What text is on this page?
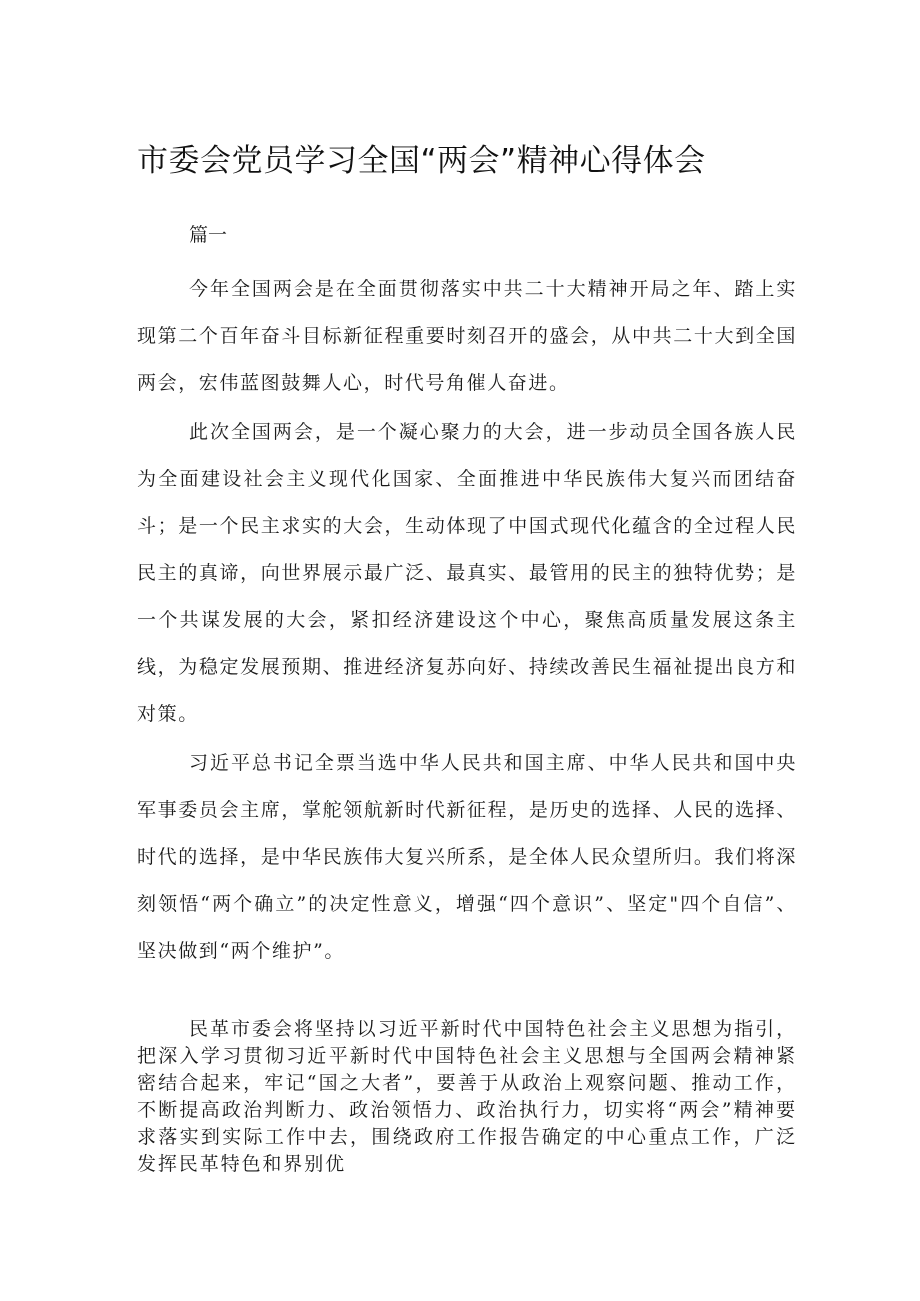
市委会党员学习全国“两会”精神心得体会
篇一

今年全国两会是在全面贯彻落实中共二十大精神开局之年、踏上实现第二个百年奋斗目标新征程重要时刻召开的盛会，从中共二十大到全国两会，宏伟蓝图鼓舞人心，时代号角催人奋进。

此次全国两会，是一个凝心聚力的大会，进一步动员全国各族人民为全面建设社会主义现代化国家、全面推进中华民族伟大复兴而团结奋斗；是一个民主求实的大会，生动体现了中国式现代化蕴含的全过程人民民主的真谛，向世界展示最广泛、最真实、最管用的民主的独特优势；是一个共谋发展的大会，紧扣经济建设这个中心，聚焦高质量发展这条主线，为稳定发展预期、推进经济复苏向好、持续改善民生福祉提出良方和对策。

习近平总书记全票当选中华人民共和国主席、中华人民共和国中央军事委员会主席，掌舵领航新时代新征程，是历史的选择、人民的选择、时代的选择，是中华民族伟大复兴所系，是全体人民众望所归。我们将深刻领悟“两个确立”的决定性意义，增强“四个意识”、坚定"四个自信”、坚决做到“两个维护”。

民革市委会将坚持以习近平新时代中国特色社会主义思想为指引，把深入学习贯彻习近平新时代中国特色社会主义思想与全国两会精神紧密结合起来，牢记“国之大者”，要善于从政治上观察问题、推动工作，不断提高政治判断力、政治领悟力、政治执行力，切实将“两会”精神要求落实到实际工作中去，围绕政府工作报告确定的中心重点工作，广泛发挥民革特色和界别优
